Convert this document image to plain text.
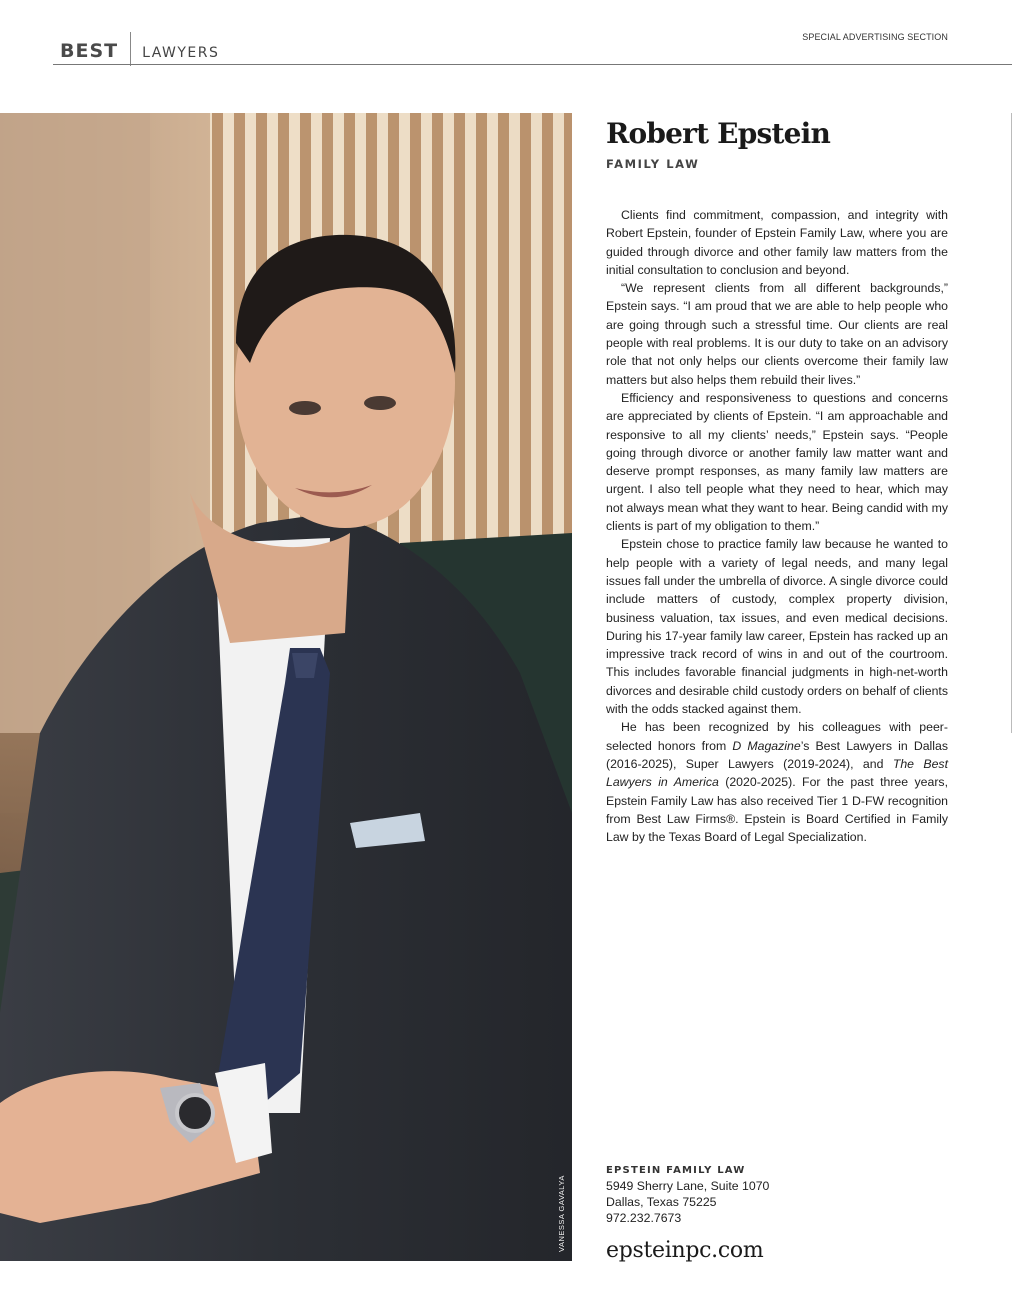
BEST	LAWYERS
SPECIAL ADVERTISING SECTION
VANESSA GAVALYA
Robert Epstein
FAMILY LAW

Clients find commitment, compassion, and integrity with Robert Epstein, founder of Epstein Family Law, where you are guided through divorce and other family law matters from the initial consultation to conclusion and beyond.

“We represent clients from all different backgrounds,” Epstein says. “I am proud that we are able to help people who are going through such a stressful time. Our clients are real people with real problems. It is our duty to take on an advisory role that not only helps our clients overcome their family law matters but also helps them rebuild their lives.”

Efficiency and responsiveness to questions and concerns are appreciated by clients of Epstein. “I am approachable and responsive to all my clients’ needs,” Epstein says. “People going through divorce or another family law matter want and deserve prompt responses, as many family law matters are urgent. I also tell people what they need to hear, which may not always mean what they want to hear. Being candid with my clients is part of my obligation to them.”

Epstein chose to practice family law because he wanted to help people with a variety of legal needs, and many legal issues fall under the umbrella of divorce. A single divorce could include matters of custody, complex property division, business valuation, tax issues, and even medical decisions. During his 17-year family law career, Epstein has racked up an impressive track record of wins in and out of the courtroom. This includes favorable financial judgments in high-net-worth divorces and desirable child custody orders on behalf of clients with the odds stacked against them.

He has been recognized by his colleagues with peer-selected honors from D Magazine’s Best Lawyers in Dallas (2016-2025), Super Lawyers (2019-2024), and The Best Lawyers in America (2020-2025). For the past three years, Epstein Family Law has also received Tier 1 D-FW recognition from Best Law Firms®. Epstein is Board Certified in Family Law by the Texas Board of Legal Specialization.

EPSTEIN FAMILY LAW
5949 Sherry Lane, Suite 1070
Dallas, Texas 75225
972.232.7673
epsteinpc.com
